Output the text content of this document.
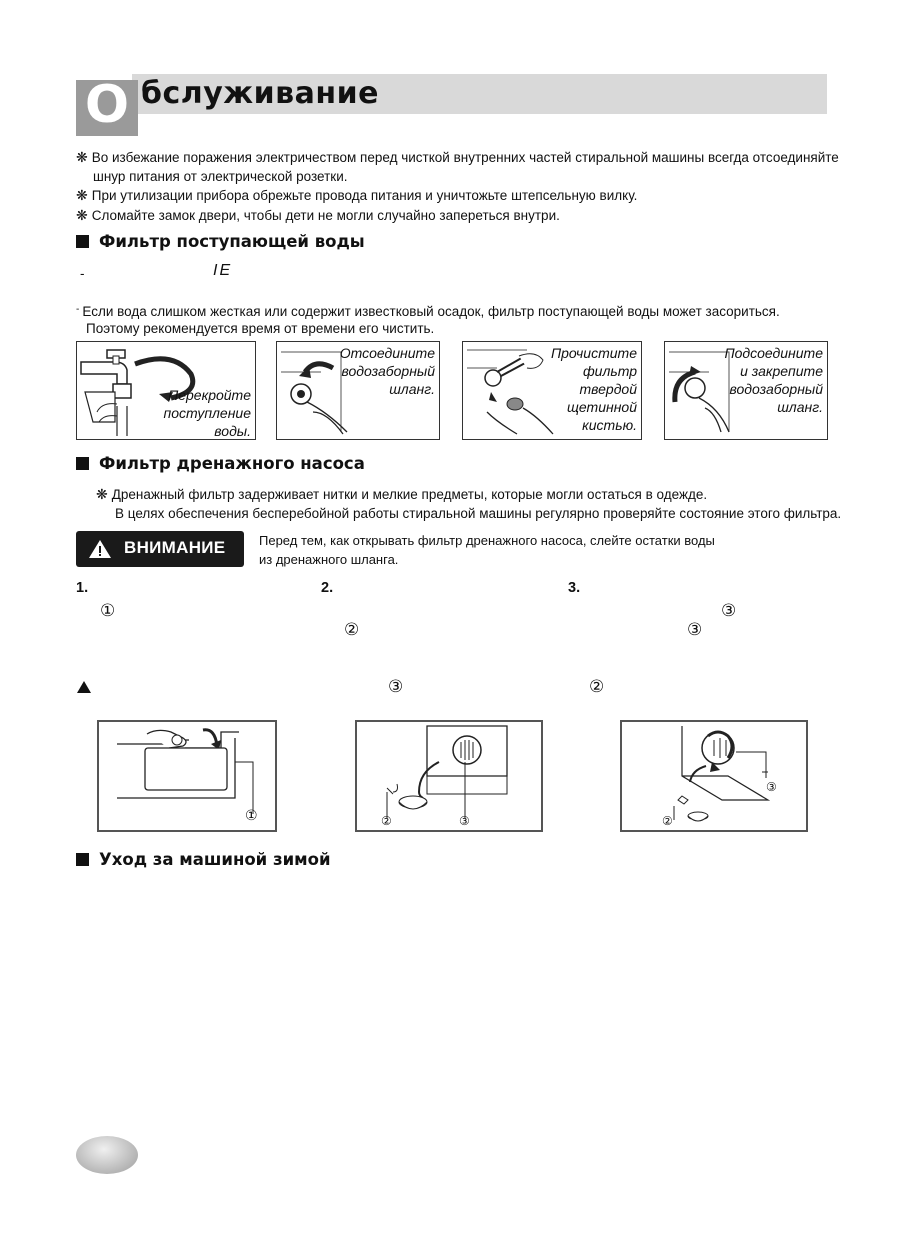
О бслуживание
❋ Во избежание поражения электричеством перед чисткой внутренних частей стиральной машины всегда отсоединяйте
шнур питания от электрической розетки.
❋ При утилизации прибора обрежьте провода питания и уничтожьте штепсельную вилку.
❋ Сломайте замок двери, чтобы дети не могли случайно запереться внутри.
Фильтр поступающей воды
-	IE
- Если вода слишком жесткая или содержит известковый осадок, фильтр поступающей воды может засориться.
Поэтому рекомендуется время от времени его чистить.
Перекройте
поступление
воды.
Отсоедините
водозаборный
шланг.
Прочистите
фильтр
твердой
щетинной
кистью.
Подсоедините
и закрепите
водозаборный
шланг.
Фильтр дренажного насоса
❋ Дренажный фильтр задерживает нитки и мелкие предметы, которые могли остаться в одежде.
В целях обеспечения бесперебойной работы стиральной машины регулярно проверяйте состояние этого фильтра.
ВНИМАНИЕ	Перед тем, как открывать фильтр дренажного насоса, слейте остатки воды
из дренажного шланга.
1.	2.	3.
①
②
③
③
③	②
①	②	③
③
②
Уход за машиной зимой
